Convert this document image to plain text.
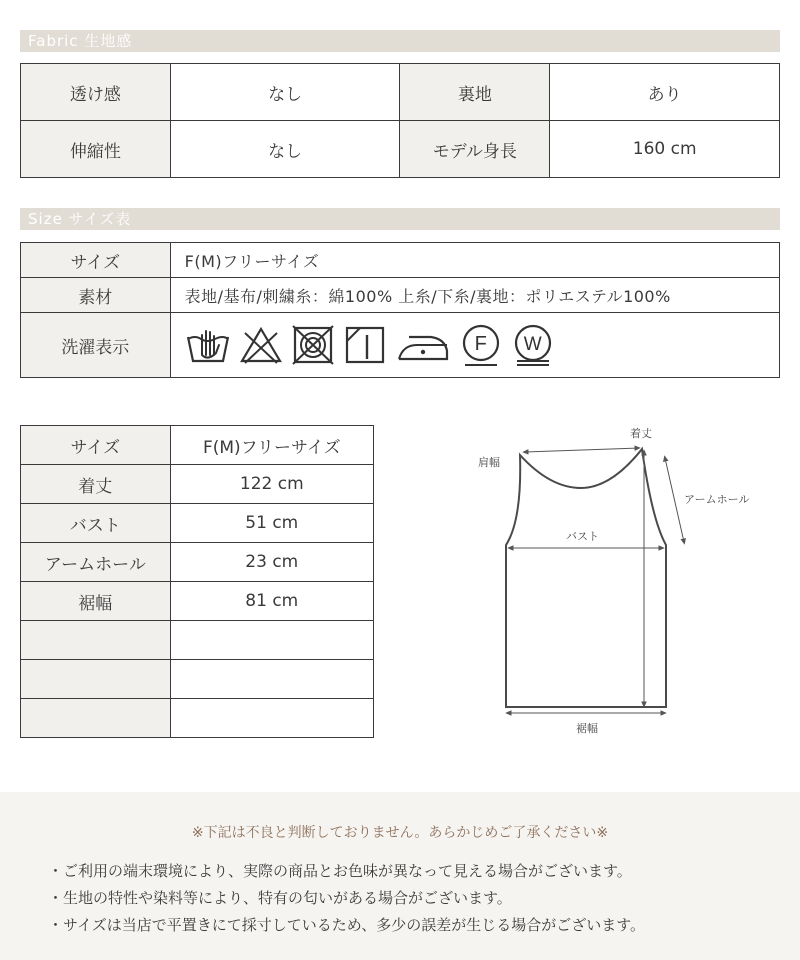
Fabric 生地感
透け感	なし	裏地	あり
伸縮性	なし	モデル身長	160 cm
Size サイズ表
サイズ	F(M)フリーサイズ
素材	表地/基布/刺繍糸：綿100% 上糸/下糸/裏地：ポリエステル100%
洗濯表示	F W
サイズ	F(M)フリーサイズ
着丈	122 cm
バスト	51 cm
アームホール	23 cm
裾幅	81 cm

着丈
肩幅
アームホール
バスト
裾幅
※下記は不良と判断しておりません。あらかじめご了承ください※
・ご利用の端末環境により、実際の商品とお色味が異なって見える場合がございます。
・生地の特性や染料等により、特有の匂いがある場合がございます。
・サイズは当店で平置きにて採寸しているため、多少の誤差が生じる場合がございます。
